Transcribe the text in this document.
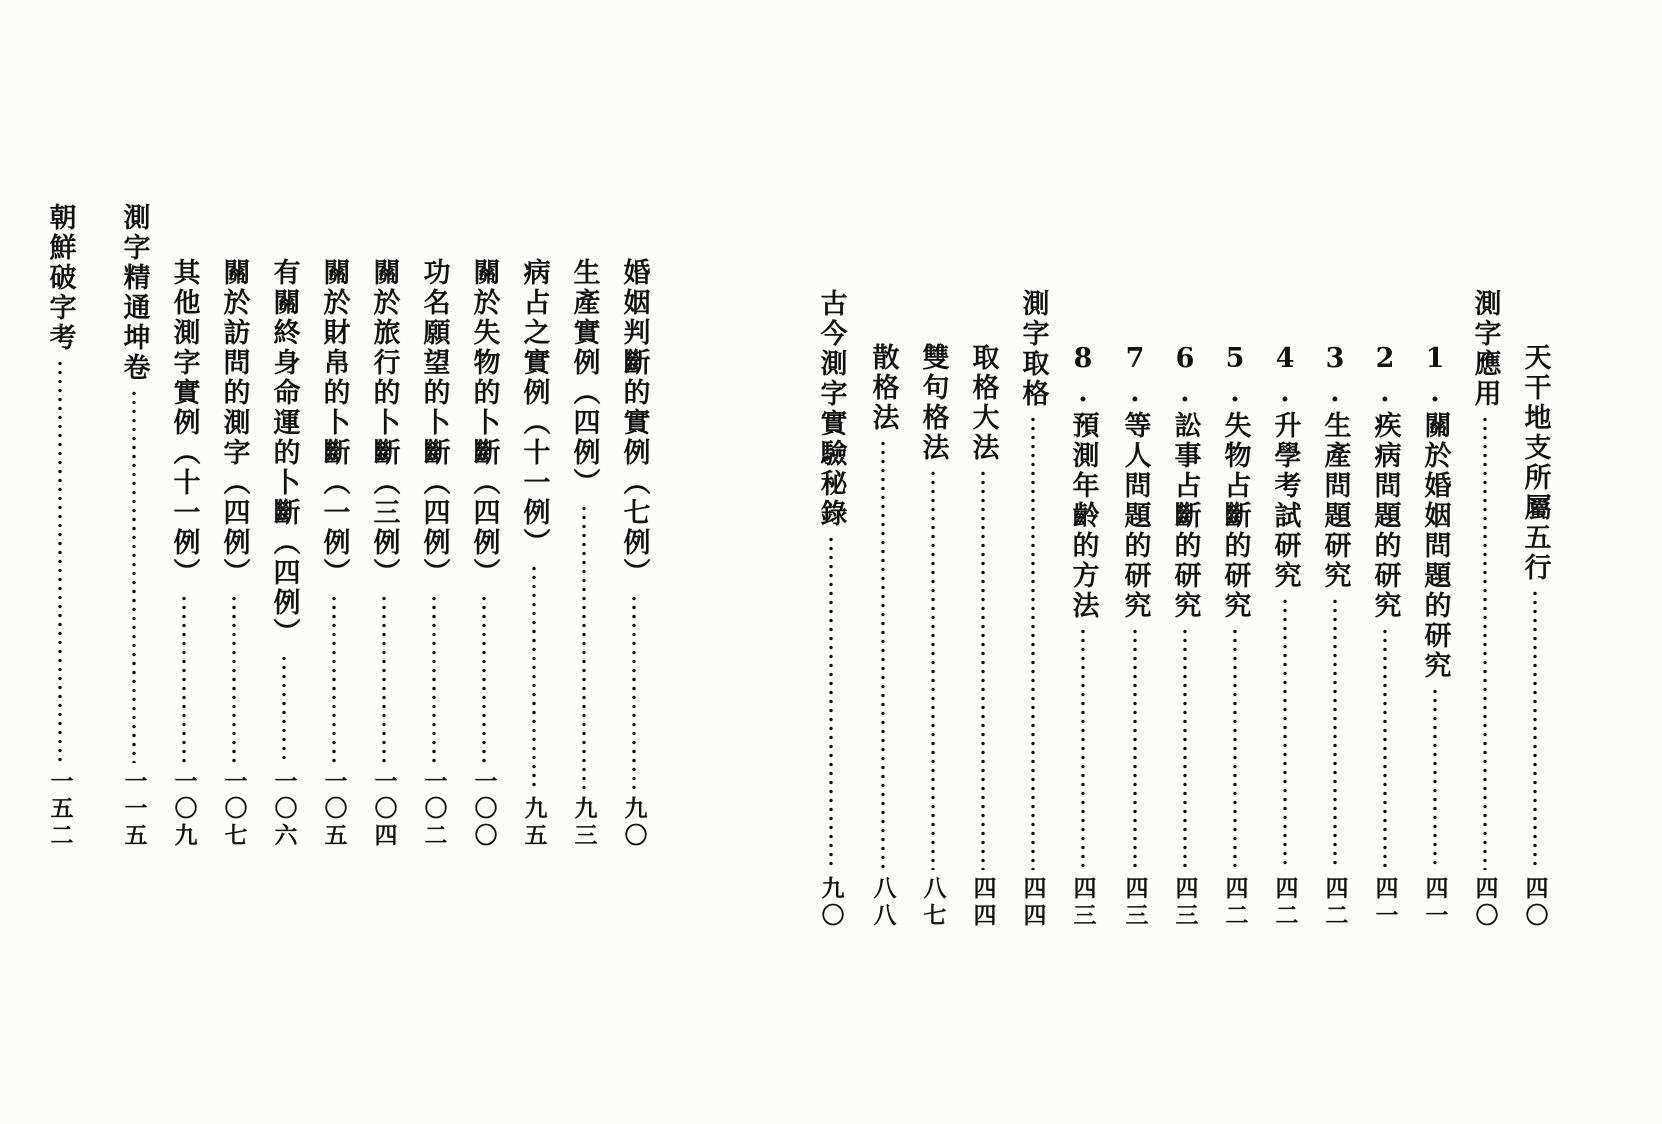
婚姻判斷的實例（七例）
九〇
生產實例（四例）
九三
病占之實例（十一例）
九五
關於失物的卜斷（四例）
一〇〇
功名願望的卜斷（四例）
一〇二
關於旅行的卜斷（三例）
一〇四
關於財帛的卜斷（一例）
一〇五
有關終身命運的卜斷（四例）
一〇六
關於訪問的測字（四例）
一〇七
其他測字實例（十一例）
一〇九
測字精通坤卷
一一五
朝鮮破字考
一五二
天干地支所屬五行
四〇
測字應用
四〇
1.關於婚姻問題的研究
四一
2.疾病問題的研究
四一
3.生產問題研究
四二
4.升學考試研究
四二
5.失物占斷的研究
四二
6.訟事占斷的研究
四三
7.等人問題的研究
四三
8.預測年齡的方法
四三
測字取格
四四
取格大法
四四
雙句格法
八七
散格法
八八
古今測字實驗秘錄
九〇
